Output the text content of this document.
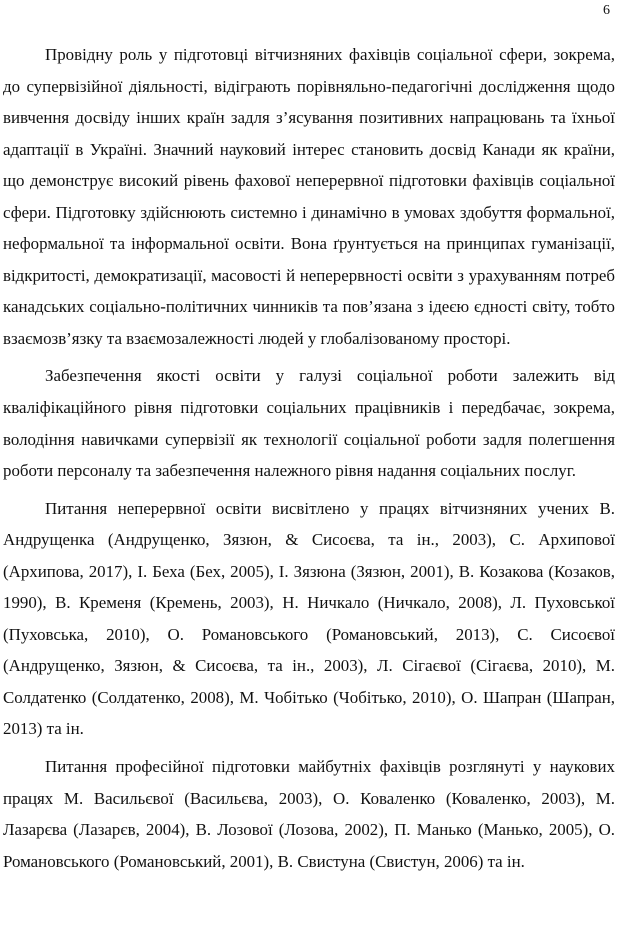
6

Провідну роль у підготовці вітчизняних фахівців соціальної сфери, зокрема, до супервізійної діяльності, відіграють порівняльно-педагогічні дослідження щодо вивчення досвіду інших країн задля з’ясування позитивних напрацювань та їхньої адаптації в Україні. Значний науковий інтерес становить досвід Канади як країни, що демонструє високий рівень фахової неперервної підготовки фахівців соціальної сфери. Підготовку здійснюють системно і динамічно в умовах здобуття формальної, неформальної та інформальної освіти. Вона ґрунтується на принципах гуманізації, відкритості, демократизації, масовості й неперервності освіти з урахуванням потреб канадських соціально-політичних чинників та пов’язана з ідеєю єдності світу, тобто взаємозв’язку та взаємозалежності людей у глобалізованому просторі.

Забезпечення якості освіти у галузі соціальної роботи залежить від кваліфікаційного рівня підготовки соціальних працівників і передбачає, зокрема, володіння навичками супервізії як технології соціальної роботи задля полегшення роботи персоналу та забезпечення належного рівня надання соціальних послуг.

Питання неперервної освіти висвітлено у працях вітчизняних учених В. Андрущенка (Андрущенко, Зязюн, & Сисоєва, та ін., 2003), С. Архипової (Архипова, 2017), І. Беха (Бех, 2005), І. Зязюна (Зязюн, 2001), В. Козакова (Козаков, 1990), В. Кременя (Кремень, 2003), Н. Ничкало (Ничкало, 2008), Л. Пуховської (Пуховська, 2010), О. Романовського (Романовський, 2013), С. Сисоєвої (Андрущенко, Зязюн, & Сисоєва, та ін., 2003), Л. Сігаєвої (Сігаєва, 2010), М. Солдатенко (Солдатенко, 2008), М. Чобітько (Чобітько, 2010), О. Шапран (Шапран, 2013) та ін.

Питання професійної підготовки майбутніх фахівців розглянуті у наукових працях М. Васильєвої (Васильєва, 2003), О. Коваленко (Коваленко, 2003), М. Лазарєва (Лазарєв, 2004), В. Лозової (Лозова, 2002), П. Манько (Манько, 2005), О. Романовського (Романовський, 2001), В. Свистуна (Свистун, 2006) та ін.
